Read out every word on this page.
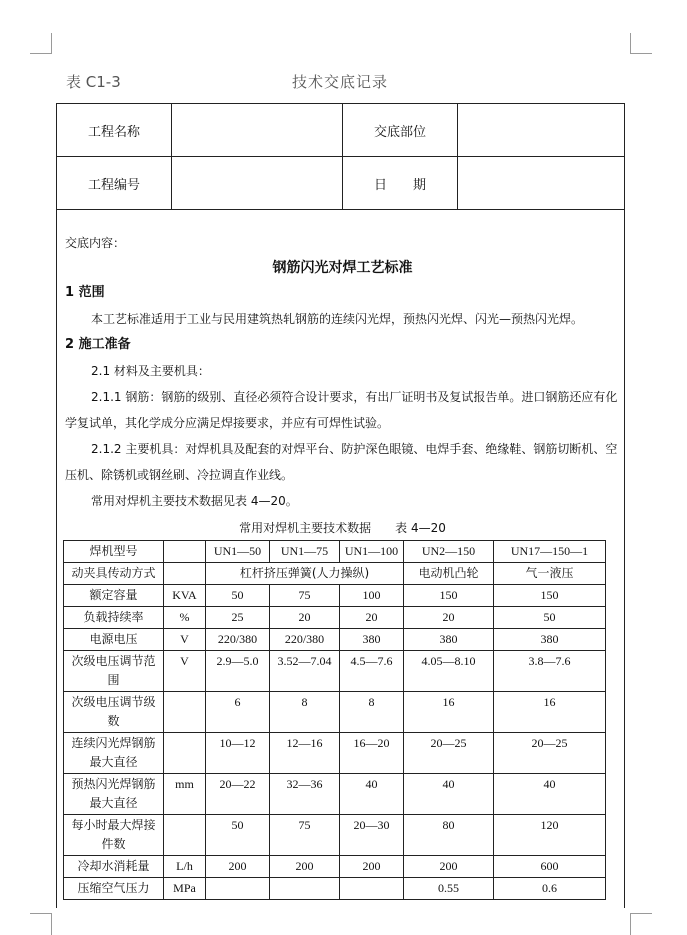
表 C1-3	技术交底记录
工程名称		交底部位	
工程编号		日　　期	

交底内容：

钢筋闪光对焊工艺标准

1 范围

本工艺标准适用于工业与民用建筑热轧钢筋的连续闪光焊，预热闪光焊、闪光—预热闪光焊。

2 施工准备

2.1 材料及主要机具：

2.1.1 钢筋：钢筋的级别、直径必须符合设计要求，有出厂证明书及复试报告单。进口钢筋还应有化学复试单，其化学成分应满足焊接要求，并应有可焊性试验。

2.1.2 主要机具：对焊机具及配套的对焊平台、防护深色眼镜、电焊手套、绝缘鞋、钢筋切断机、空压机、除锈机或钢丝刷、冷拉调直作业线。

常用对焊机主要技术数据见表 4—20。

常用对焊机主要技术数据　　表 4—20

焊机型号		UN1—50	UN1—75	UN1—100	UN2—150	UN17—150—1
动夹具传动方式		杠杆挤压弹簧(人力操纵)			电动机凸轮	气一液压
额定容量	KVA	50	75	100	150	150
负载持续率	%	25	20	20	20	50
电源电压	V	220/380	220/380	380	380	380
次级电压调节范围	V	2.9—5.0	3.52—7.04	4.5—7.6	4.05—8.10	3.8—7.6
次级电压调节级数		6	8	8	16	16
连续闪光焊钢筋最大直径		10—12	12—16	16—20	20—25	20—25
预热闪光焊钢筋最大直径	mm	20—22	32—36	40	40	40
每小时最大焊接件数		50	75	20—30	80	120
冷却水消耗量	L/h	200	200	200	200	600
压缩空气压力	MPa				0.55	0.6
